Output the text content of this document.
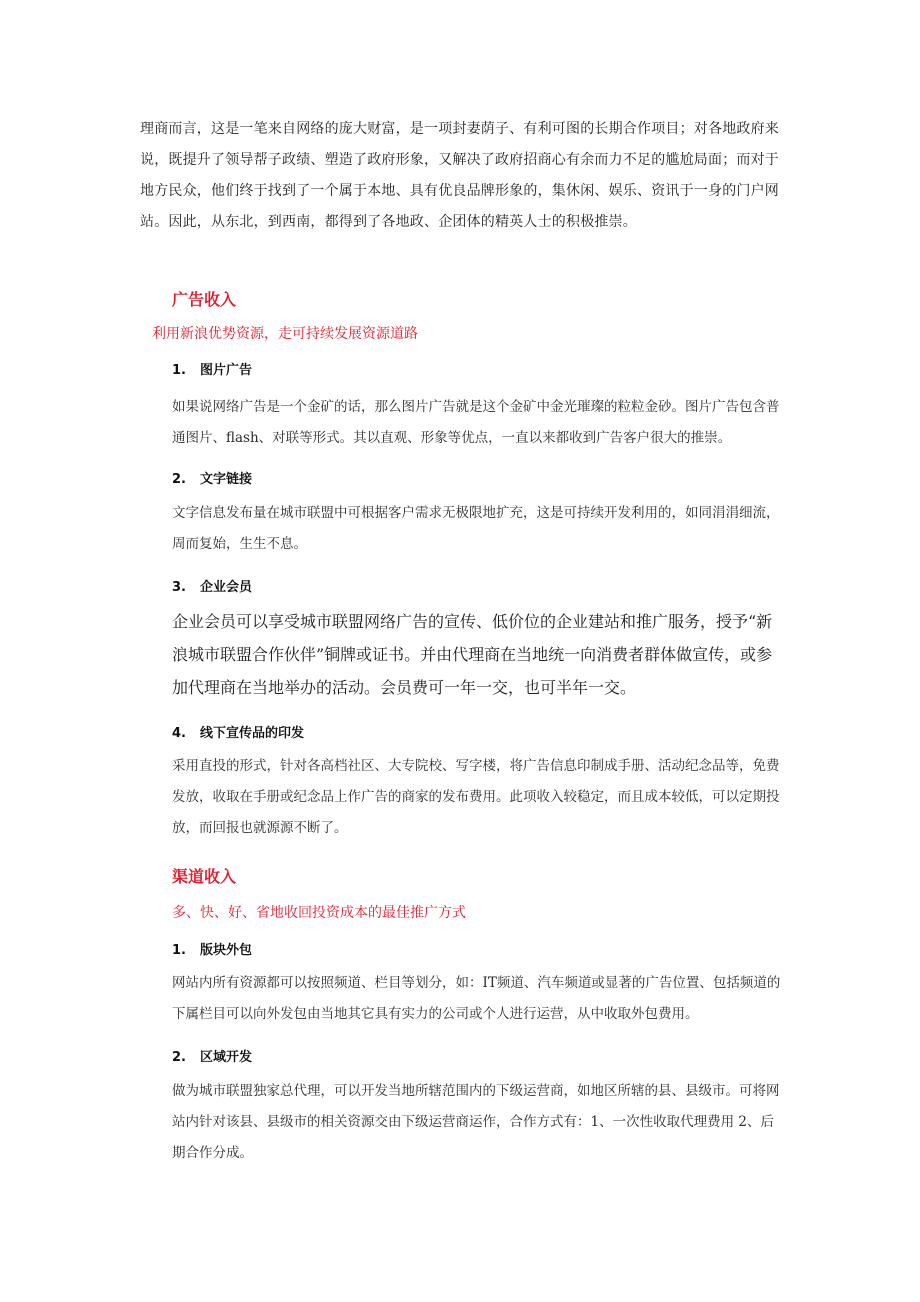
理商而言，这是一笔来自网络的庞大财富，是一项封妻荫子、有利可图的长期合作项目；对各地政府来说，既提升了领导帮子政绩、塑造了政府形象，又解决了政府招商心有余而力不足的尴尬局面；而对于地方民众，他们终于找到了一个属于本地、具有优良品牌形象的，集休闲、娱乐、资讯于一身的门户网站。因此，从东北，到西南，都得到了各地政、企团体的精英人士的积极推崇。

广告收入

利用新浪优势资源，走可持续发展资源道路

1. 图片广告

如果说网络广告是一个金矿的话，那么图片广告就是这个金矿中金光璀璨的粒粒金砂。图片广告包含普通图片、flash、对联等形式。其以直观、形象等优点，一直以来都收到广告客户很大的推崇。

2. 文字链接

文字信息发布量在城市联盟中可根据客户需求无极限地扩充，这是可持续开发利用的，如同涓涓细流，周而复始，生生不息。

3. 企业会员

企业会员可以享受城市联盟网络广告的宣传、低价位的企业建站和推广服务，授予“新浪城市联盟合作伙伴”铜牌或证书。并由代理商在当地统一向消费者群体做宣传，或参加代理商在当地举办的活动。会员费可一年一交，也可半年一交。

4. 线下宣传品的印发

采用直投的形式，针对各高档社区、大专院校、写字楼，将广告信息印制成手册、活动纪念品等，免费发放，收取在手册或纪念品上作广告的商家的发布费用。此项收入较稳定，而且成本较低，可以定期投放，而回报也就源源不断了。

渠道收入

多、快、好、省地收回投资成本的最佳推广方式

1. 版块外包

网站内所有资源都可以按照频道、栏目等划分，如：IT频道、汽车频道或显著的广告位置、包括频道的下属栏目可以向外发包由当地其它具有实力的公司或个人进行运营，从中收取外包费用。

2. 区域开发

做为城市联盟独家总代理，可以开发当地所辖范围内的下级运营商，如地区所辖的县、县级市。可将网站内针对该县、县级市的相关资源交由下级运营商运作，合作方式有：1、一次性收取代理费用 2、后期合作分成。
